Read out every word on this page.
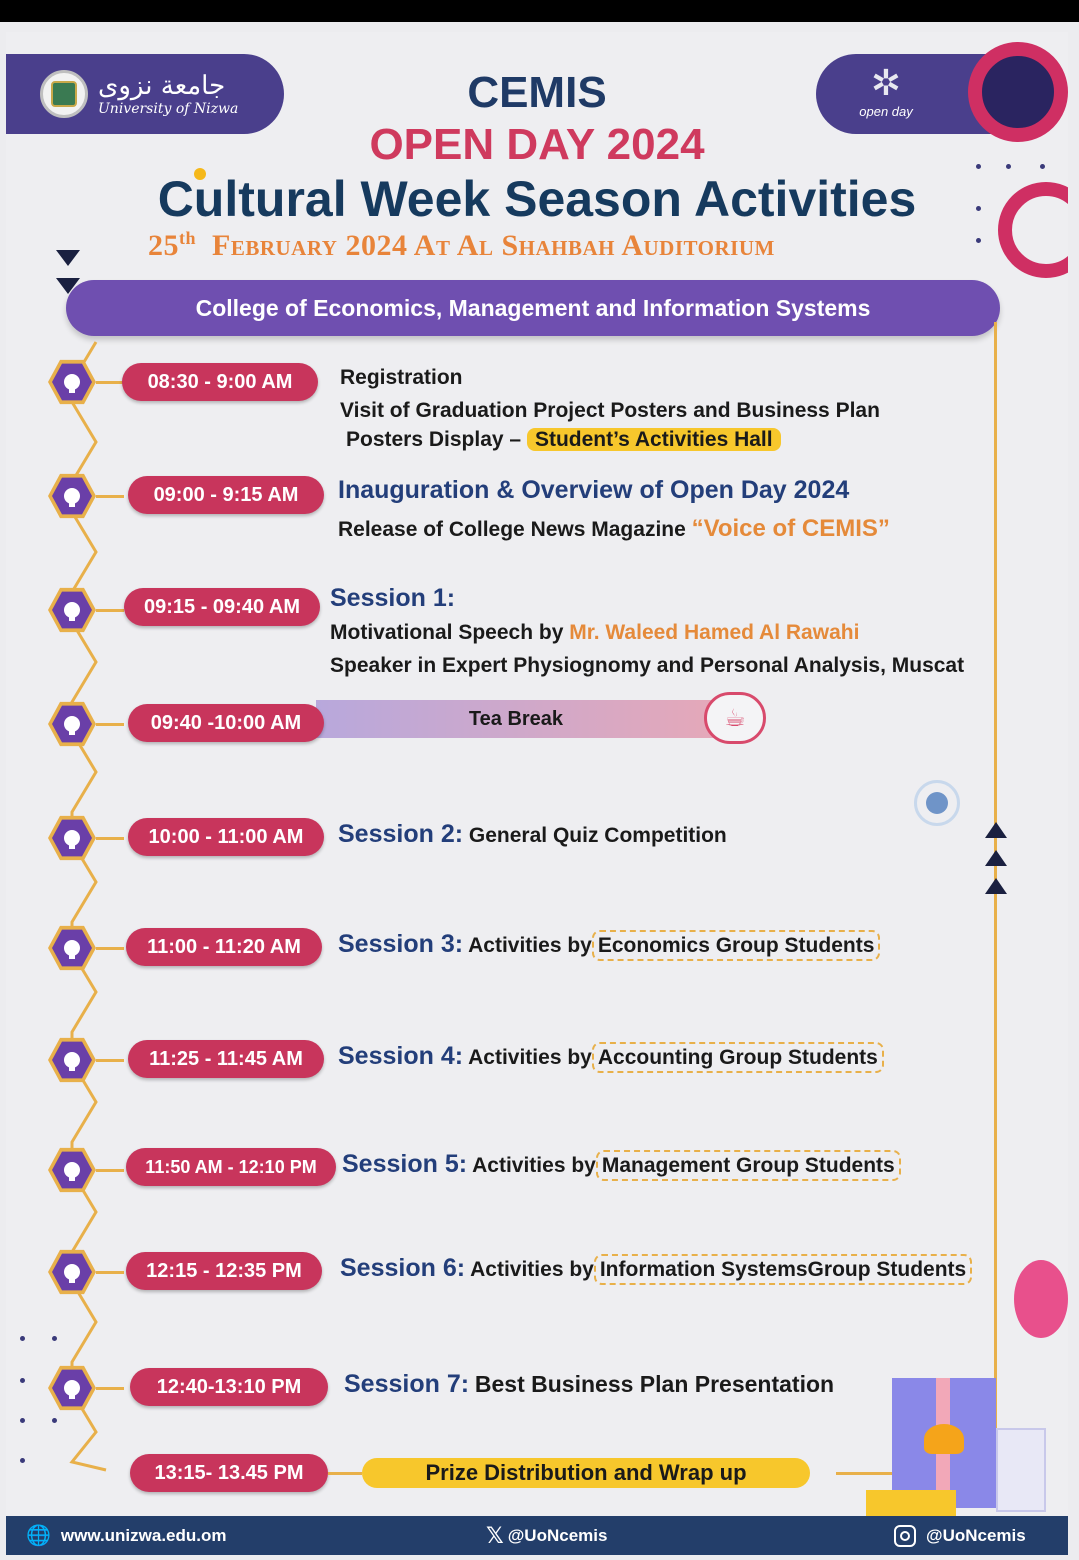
جامعة نزوى
University of Nizwa
✲
open day
CEMIS
OPEN DAY 2024
Cultural Week Season Activities
25th February 2024 At Al Shahbah Auditorium
College of Economics, Management and Information Systems
08:30 - 9:00 AM	Registration
Visit of Graduation Project Posters and Business Plan
Posters Display – Student’s Activities Hall
09:00 - 9:15 AM	Inauguration & Overview of Open Day 2024
Release of College News Magazine “Voice of CEMIS”
09:15 - 09:40 AM	Session 1:
Motivational Speech by Mr. Waleed Hamed Al Rawahi
Speaker in Expert Physiognomy and Personal Analysis, Muscat
09:40 -10:00 AM	Tea Break	☕
10:00 - 11:00 AM	Session 2: General Quiz Competition
11:00 - 11:20 AM	Session 3: Activities by Economics Group Students
11:25 - 11:45 AM	Session 4: Activities by Accounting Group Students
11:50 AM - 12:10 PM	Session 5: Activities by Management Group Students
12:15 - 12:35 PM	Session 6: Activities by Information SystemsGroup Students
12:40-13:10 PM	Session 7: Best Business Plan Presentation
13:15- 13.45 PM	Prize Distribution and Wrap up
🌐 www.unizwa.edu.om	𝕏 @UoNcemis	@UoNcemis
